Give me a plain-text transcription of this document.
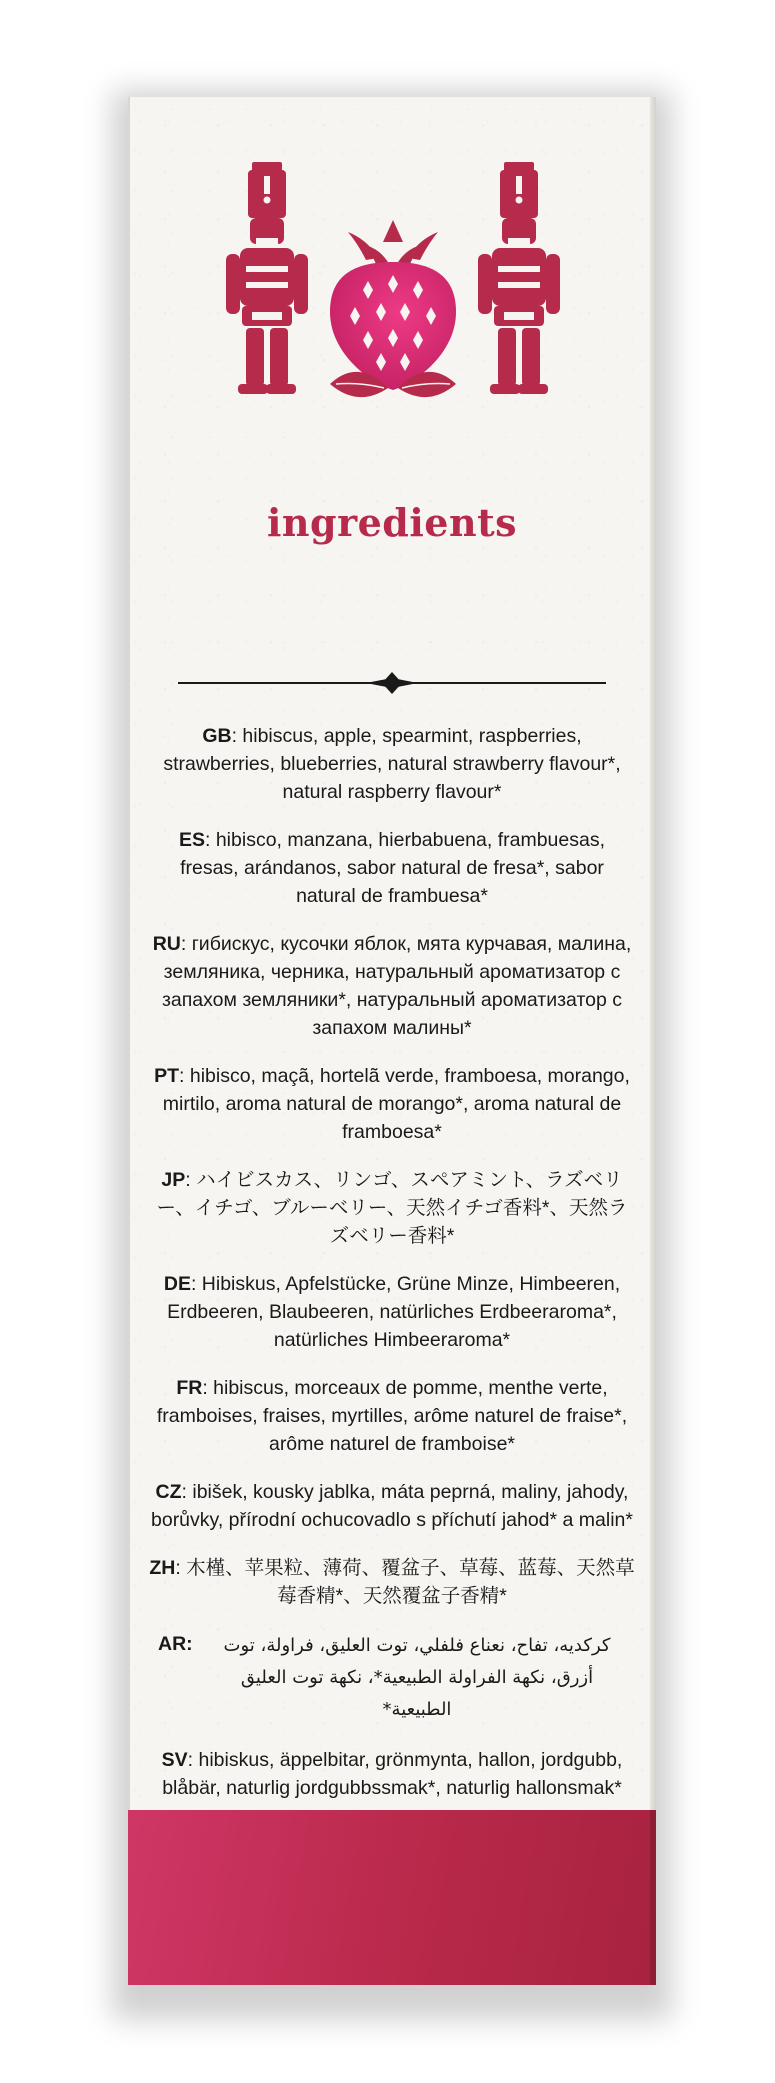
ingredients

GB: hibiscus, apple, spearmint, raspberries, strawberries, blueberries, natural strawberry flavour*, natural raspberry flavour*

ES: hibisco, manzana, hierbabuena, frambuesas, fresas, arándanos, sabor natural de fresa*, sabor natural de frambuesa*

RU: гибискус, кусочки яблок, мята курчавая, малина, земляника, черника, натуральный ароматизатор с запахом земляники*, натуральный ароматизатор с запахом малины*

PT: hibisco, maçã, hortelã verde, framboesa, morango, mirtilo, aroma natural de morango*, aroma natural de framboesa*

JP: ハイビスカス、リンゴ、スペアミント、ラズベリー、イチゴ、ブルーベリー、天然イチゴ香料*、天然ラズベリー香料*

DE: Hibiskus, Apfelstücke, Grüne Minze, Himbeeren, Erdbeeren, Blaubeeren, natürliches Erdbeeraroma*, natürliches Himbeeraroma*

FR: hibiscus, morceaux de pomme, menthe verte, framboises, fraises, myrtilles, arôme naturel de fraise*, arôme naturel de framboise*

CZ: ibišek, kousky jablka, máta peprná, maliny, jahody, borůvky, přírodní ochucovadlo s příchutí jahod* a malin*

ZH: 木槿、苹果粒、薄荷、覆盆子、草莓、蓝莓、天然草莓香精*、天然覆盆子香精*

AR:	كركديه، تفاح، نعناع فلفلي، توت العليق، فراولة، توت أزرق، نكهة الفراولة الطبيعية*، نكهة توت العليق الطبيعية*

SV: hibiskus, äppelbitar, grönmynta, hallon, jordgubb, blåbär, naturlig jordgubbssmak*, naturlig hallonsmak*
